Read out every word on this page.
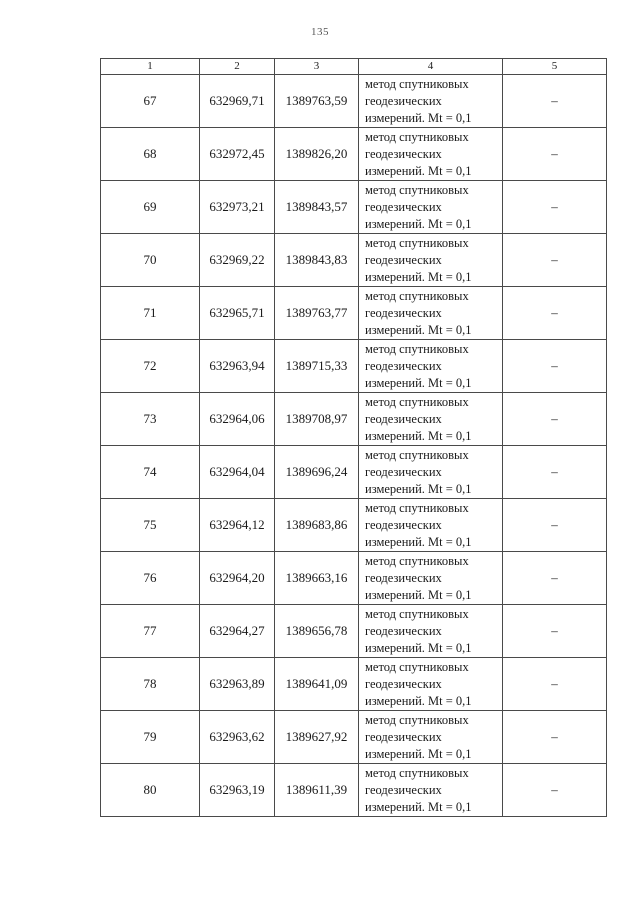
135
1	2	3	4	5
67	632969,71	1389763,59	метод спутниковых
геодезических
измерений. Mt = 0,1	–
68	632972,45	1389826,20	метод спутниковых
геодезических
измерений. Mt = 0,1	–
69	632973,21	1389843,57	метод спутниковых
геодезических
измерений. Mt = 0,1	–
70	632969,22	1389843,83	метод спутниковых
геодезических
измерений. Mt = 0,1	–
71	632965,71	1389763,77	метод спутниковых
геодезических
измерений. Mt = 0,1	–
72	632963,94	1389715,33	метод спутниковых
геодезических
измерений. Mt = 0,1	–
73	632964,06	1389708,97	метод спутниковых
геодезических
измерений. Mt = 0,1	–
74	632964,04	1389696,24	метод спутниковых
геодезических
измерений. Mt = 0,1	–
75	632964,12	1389683,86	метод спутниковых
геодезических
измерений. Mt = 0,1	–
76	632964,20	1389663,16	метод спутниковых
геодезических
измерений. Mt = 0,1	–
77	632964,27	1389656,78	метод спутниковых
геодезических
измерений. Mt = 0,1	–
78	632963,89	1389641,09	метод спутниковых
геодезических
измерений. Mt = 0,1	–
79	632963,62	1389627,92	метод спутниковых
геодезических
измерений. Mt = 0,1	–
80	632963,19	1389611,39	метод спутниковых
геодезических
измерений. Mt = 0,1	–
